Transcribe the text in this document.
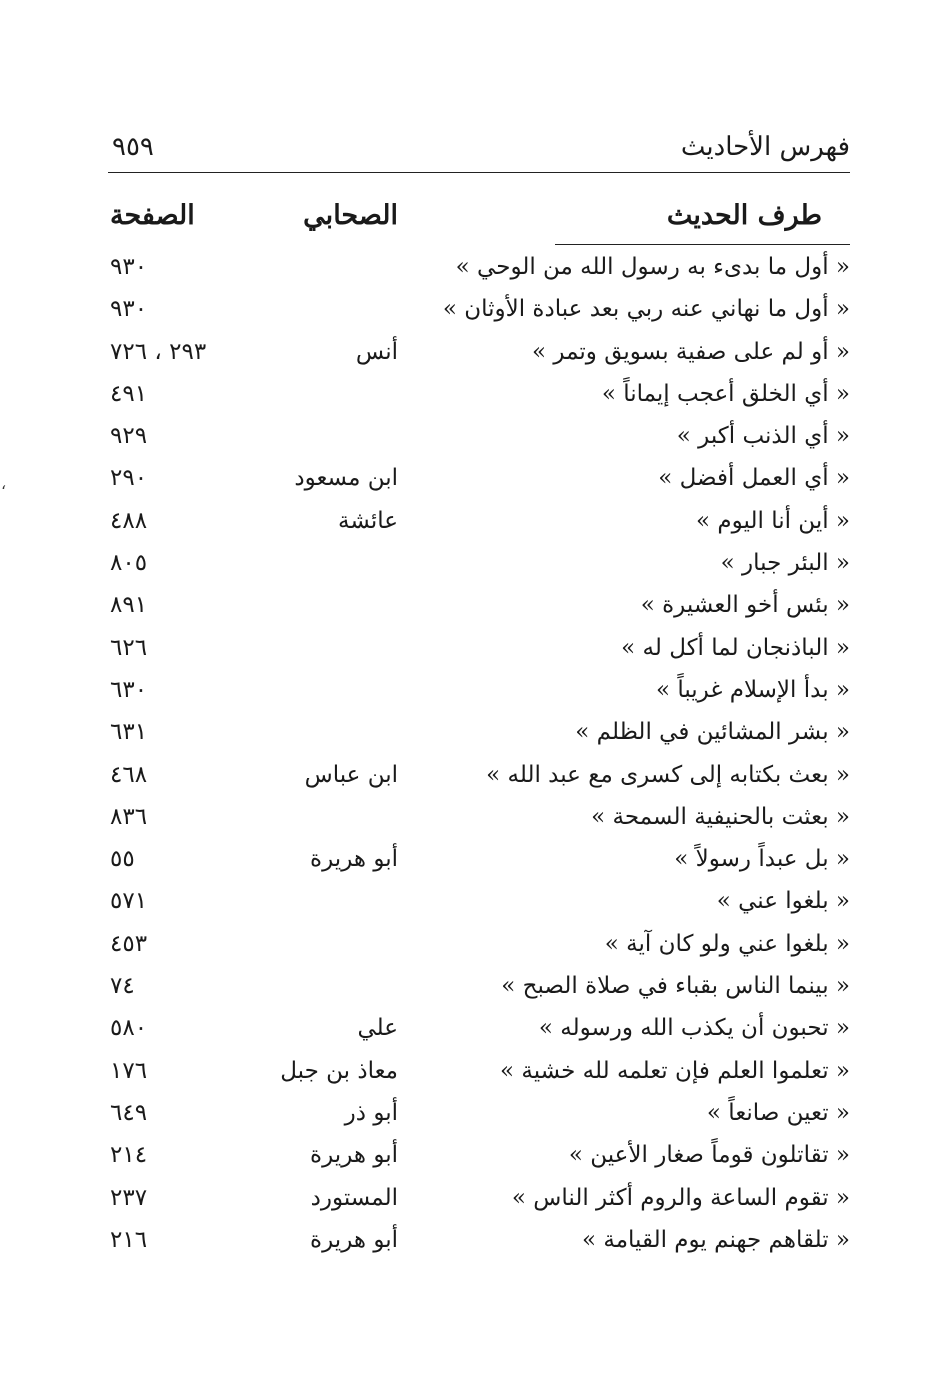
فهرس الأحاديث
٩٥٩
طرف الحديث
الصحابي
الصفحة
« أول ما بدىء به رسول الله من الوحي »
٩٣٠
« أول ما نهاني عنه ربي بعد عبادة الأوثان »
٩٣٠
« أو لم على صفية بسويق وتمر »
أنس
٢٩٣ ، ٧٢٦
« أي الخلق أعجب إيماناً »
٤٩١
« أي الذنب أكبر »
٩٢٩
« أي العمل أفضل »
ابن مسعود
٢٩٠
« أين أنا اليوم »
عائشة
٤٨٨
« البئر جبار »
٨٠٥
« بئس أخو العشيرة »
٨٩١
« الباذنجان لما أكل له »
٦٢٦
« بدأ الإسلام غريباً »
٦٣٠
« بشر المشائين في الظلم »
٦٣١
« بعث بكتابه إلى كسرى مع عبد الله »
ابن عباس
٤٦٨
« بعثت بالحنيفية السمحة »
٨٣٦
« بل عبداً رسولاً »
أبو هريرة
٥٥
« بلغوا عني »
٥٧١
« بلغوا عني ولو كان آية »
٤٥٣
« بينما الناس بقباء في صلاة الصبح »
٧٤
« تحبون أن يكذب الله ورسوله »
علي
٥٨٠
« تعلموا العلم فإن تعلمه لله خشية »
معاذ بن جبل
١٧٦
« تعين صانعاً »
أبو ذر
٦٤٩
« تقاتلون قوماً صغار الأعين »
أبو هريرة
٢١٤
« تقوم الساعة والروم أكثر الناس »
المستورد
٢٣٧
« تلقاهم جهنم يوم القيامة »
أبو هريرة
٢١٦
ʻ
